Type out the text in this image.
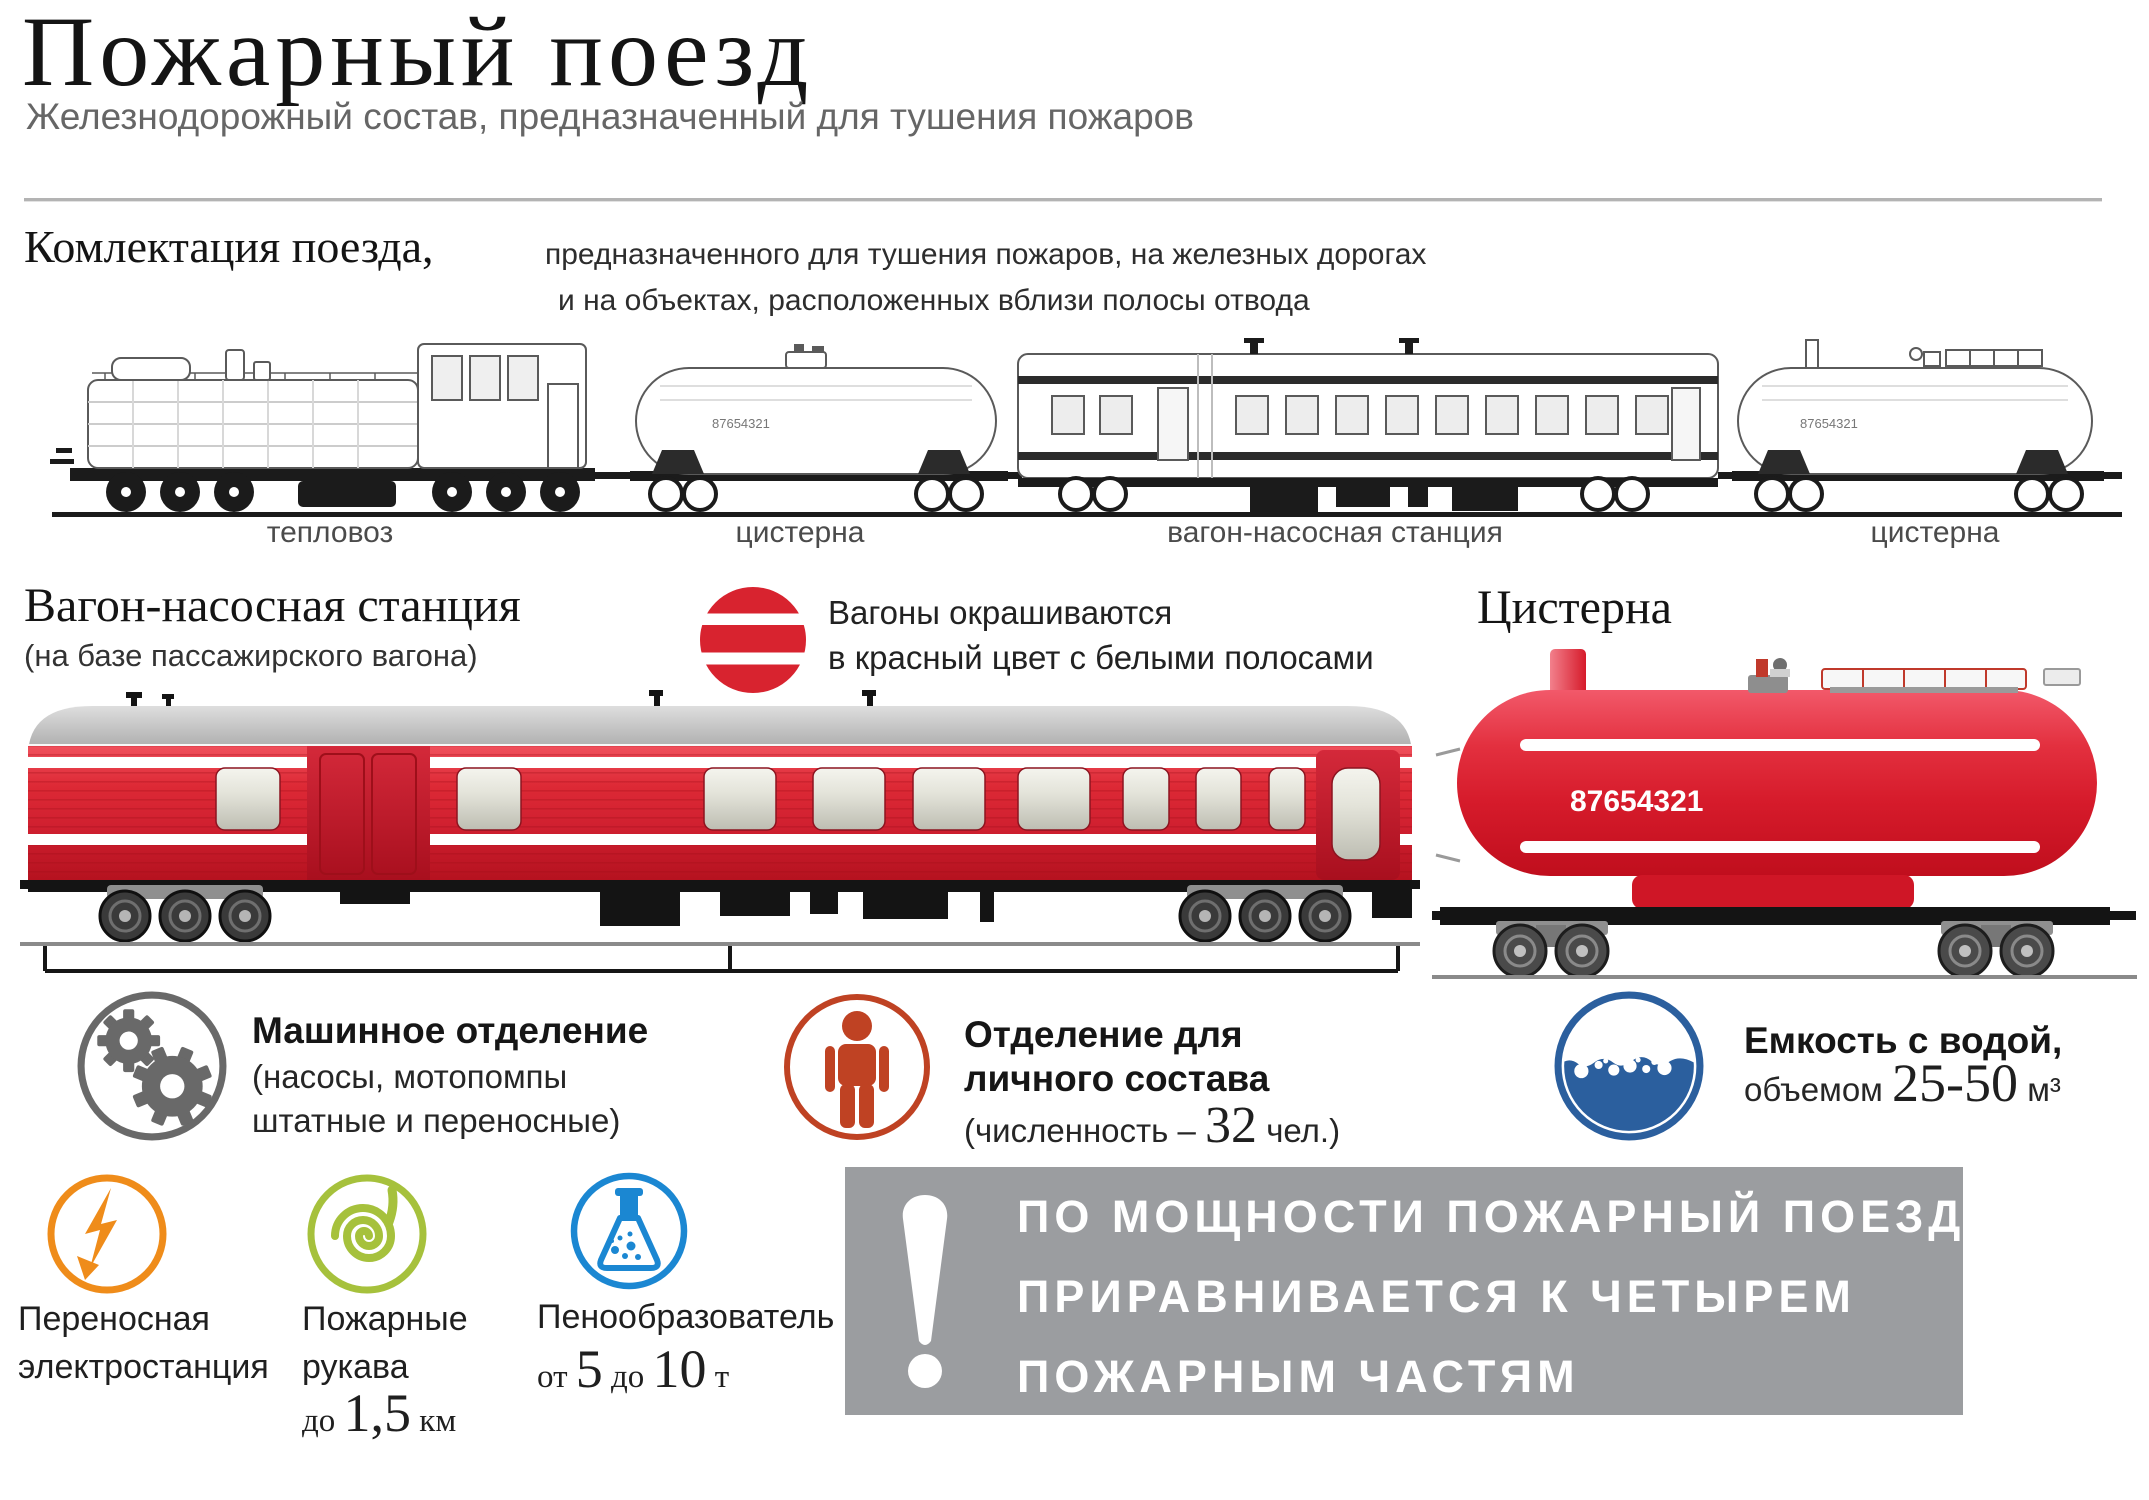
Пожарный поезд
Железнодорожный состав, предназначенный для тушения пожаров
Комлектация поезда,	предназначенного для тушения пожаров, на железных дорогах
и на объектах, расположенных вблизи полосы отвода
87654321	87654321
тепловоз	цистерна	вагон-насосная станция	цистерна
Вагон-насосная станция
(на базе пассажирского вагона)
Вагоны окрашиваются
в красный цвет с белыми полосами
Цистерна
87654321
Машинное отделение
(насосы, мотопомпы
штатные и переносные)
Отделение для
личного состава
(численность – 32 чел.)
Емкость с водой,
объемом 25-50 м³
Переносная
электростанция
Пожарные
рукава
до 1,5 км
Пенообразователь
от 5 до 10 т
ПО МОЩНОСТИ ПОЖАРНЫЙ ПОЕЗД
ПРИРАВНИВАЕТСЯ К ЧЕТЫРЕМ
ПОЖАРНЫМ ЧАСТЯМ
